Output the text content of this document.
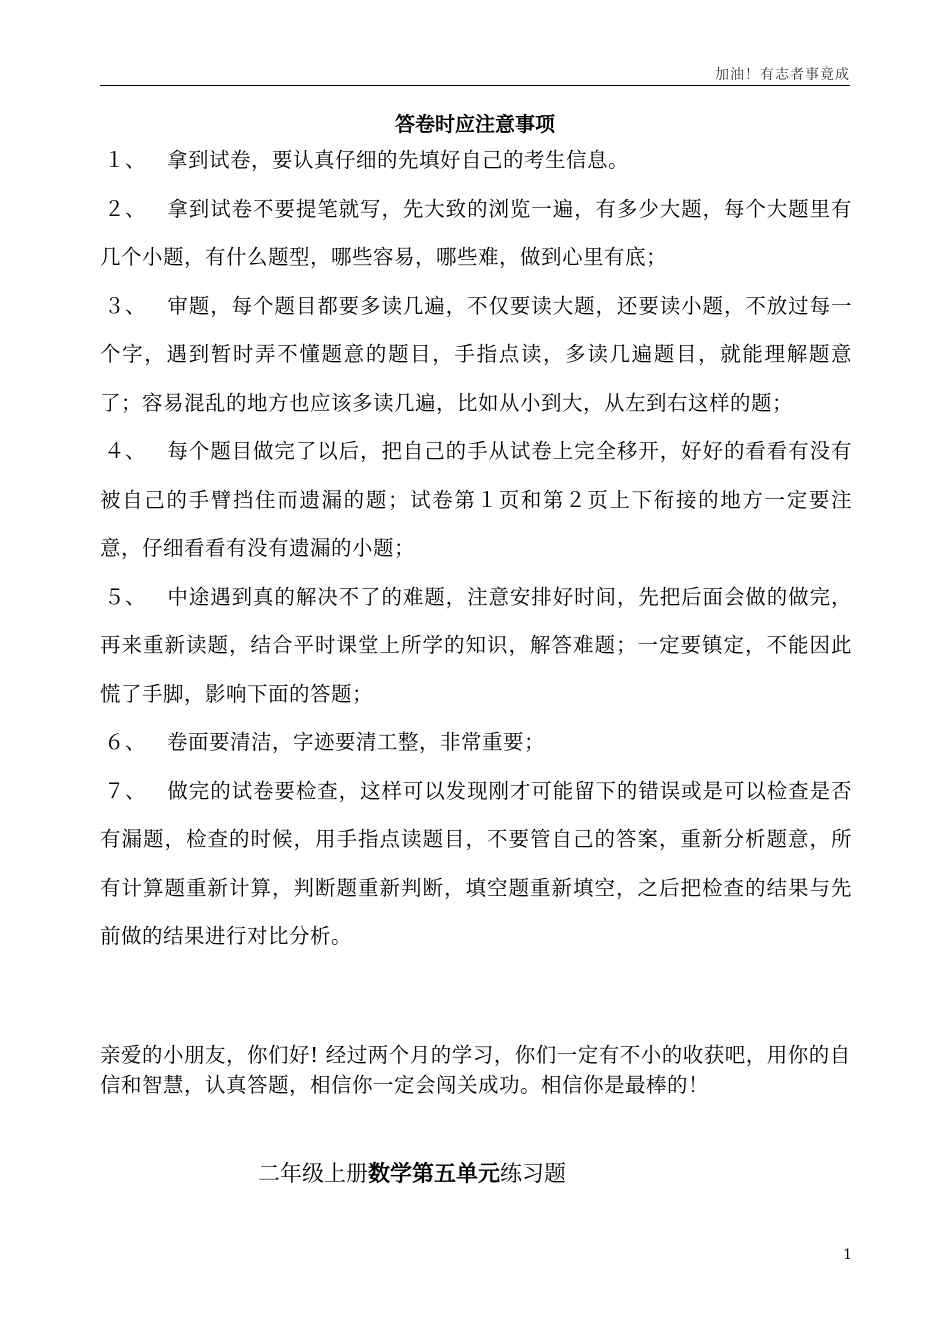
加油！有志者事竟成
答卷时应注意事项
１、 拿到试卷，要认真仔细的先填好自己的考生信息。
２、 拿到试卷不要提笔就写，先大致的浏览一遍，有多少大题，每个大题里有几个小题，有什么题型，哪些容易，哪些难，做到心里有底；
３、 审题，每个题目都要多读几遍，不仅要读大题，还要读小题，不放过每一个字，遇到暂时弄不懂题意的题目，手指点读，多读几遍题目，就能理解题意了；容易混乱的地方也应该多读几遍，比如从小到大，从左到右这样的题；
４、 每个题目做完了以后，把自己的手从试卷上完全移开，好好的看看有没有被自己的手臂挡住而遗漏的题；试卷第１页和第２页上下衔接的地方一定要注意，仔细看看有没有遗漏的小题；
５、 中途遇到真的解决不了的难题，注意安排好时间，先把后面会做的做完，再来重新读题，结合平时课堂上所学的知识，解答难题；一定要镇定，不能因此慌了手脚，影响下面的答题；
６、 卷面要清洁，字迹要清工整，非常重要；
７、 做完的试卷要检查，这样可以发现刚才可能留下的错误或是可以检查是否有漏题，检查的时候，用手指点读题目，不要管自己的答案，重新分析题意，所有计算题重新计算，判断题重新判断，填空题重新填空，之后把检查的结果与先前做的结果进行对比分析。
亲爱的小朋友，你们好! 经过两个月的学习，你们一定有不小的收获吧，用你的自信和智慧，认真答题，相信你一定会闯关成功。相信你是最棒的！
二年级上册数学第五单元练习题
1
